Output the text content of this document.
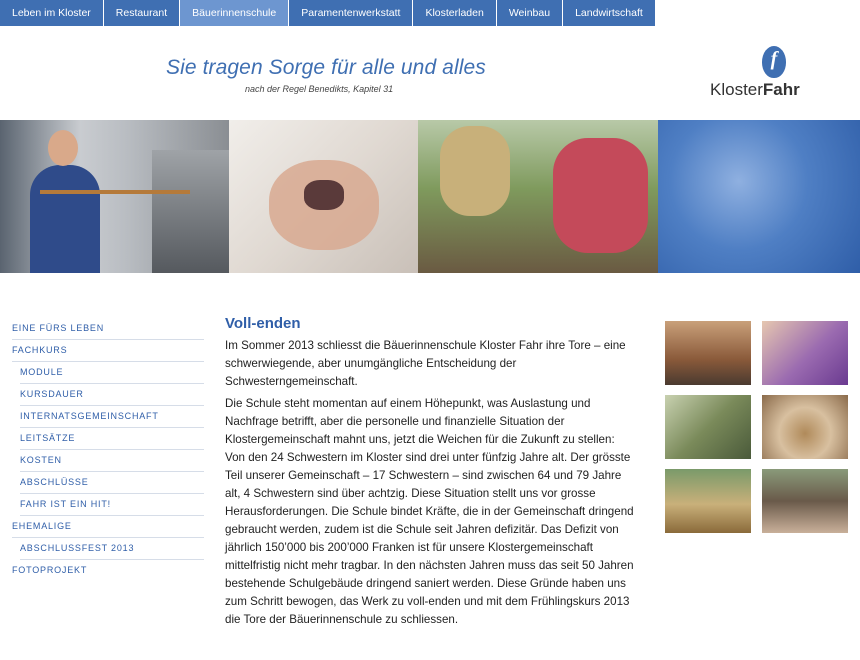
Leben im Kloster	Restaurant	Bäuerinnenschule	Paramentenwerkstatt	Klosterladen	Weinbau	Landwirtschaft
Sie tragen Sorge für alle und alles
nach der Regel Benedikts, Kapitel 31
f
KlosterFahr
EINE FÜRS LEBEN
FACHKURS
MODULE
KURSDAUER
INTERNATSGEMEINSCHAFT
LEITSÄTZE
KOSTEN
ABSCHLÜSSE
FAHR IST EIN HIT!
EHEMALIGE
ABSCHLUSSFEST 2013
FOTOPROJEKT
Voll-enden

Im Sommer 2013 schliesst die Bäuerinnenschule Kloster Fahr ihre Tore – eine schwerwiegende, aber unumgängliche Entscheidung der Schwesterngemeinschaft.

Die Schule steht momentan auf einem Höhepunkt, was Auslastung und Nachfrage betrifft, aber die personelle und finanzielle Situation der Klostergemeinschaft mahnt uns, jetzt die Weichen für die Zukunft zu stellen: Von den 24 Schwestern im Kloster sind drei unter fünfzig Jahre alt. Der grösste Teil unserer Gemeinschaft – 17 Schwestern – sind zwischen 64 und 79 Jahre alt, 4 Schwestern sind über achtzig. Diese Situation stellt uns vor grosse Herausforderungen. Die Schule bindet Kräfte, die in der Gemeinschaft dringend gebraucht werden, zudem ist die Schule seit Jahren defizitär. Das Defizit von jährlich 150’000 bis 200’000 Franken ist für unsere Klostergemeinschaft mittelfristig nicht mehr tragbar. In den nächsten Jahren muss das seit 50 Jahren bestehende Schulgebäude dringend saniert werden. Diese Gründe haben uns zum Schritt bewogen, das Werk zu voll-enden und mit dem Frühlingskurs 2013 die Tore der Bäuerinnenschule zu schliessen.
